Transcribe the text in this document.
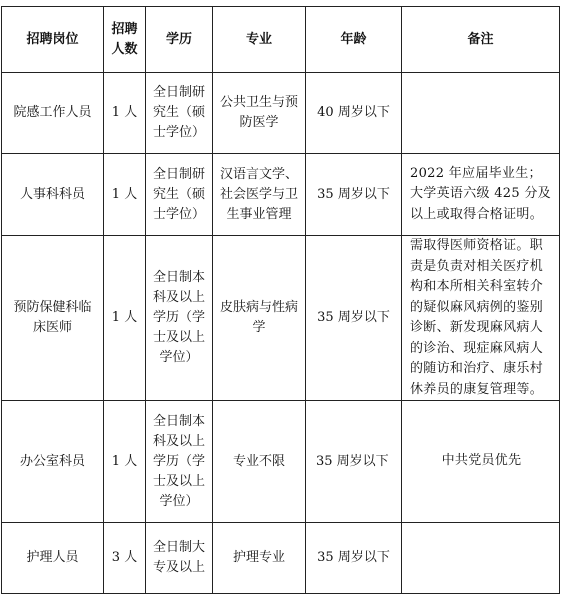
招聘岗位	招聘人数	学历	专业	年龄	备注
院感工作人员	1 人	全日制研究生（硕士学位）	公共卫生与预防医学	40 周岁以下	
人事科科员	1 人	全日制研究生（硕士学位）	汉语言文学、社会医学与卫生事业管理	35 周岁以下	2022 年应届毕业生；大学英语六级 425 分及以上或取得合格证明。
预防保健科临床医师	1 人	全日制本科及以上学历（学士及以上学位）	皮肤病与性病学	35 周岁以下	需取得医师资格证。职责是负责对相关医疗机构和本所相关科室转介的疑似麻风病例的鉴别诊断、新发现麻风病人的诊治、现症麻风病人的随访和治疗、康乐村休养员的康复管理等。
办公室科员	1 人	全日制本科及以上学历（学士及以上学位）	专业不限	35 周岁以下	中共党员优先
护理人员	3 人	全日制大专及以上	护理专业	35 周岁以下	
